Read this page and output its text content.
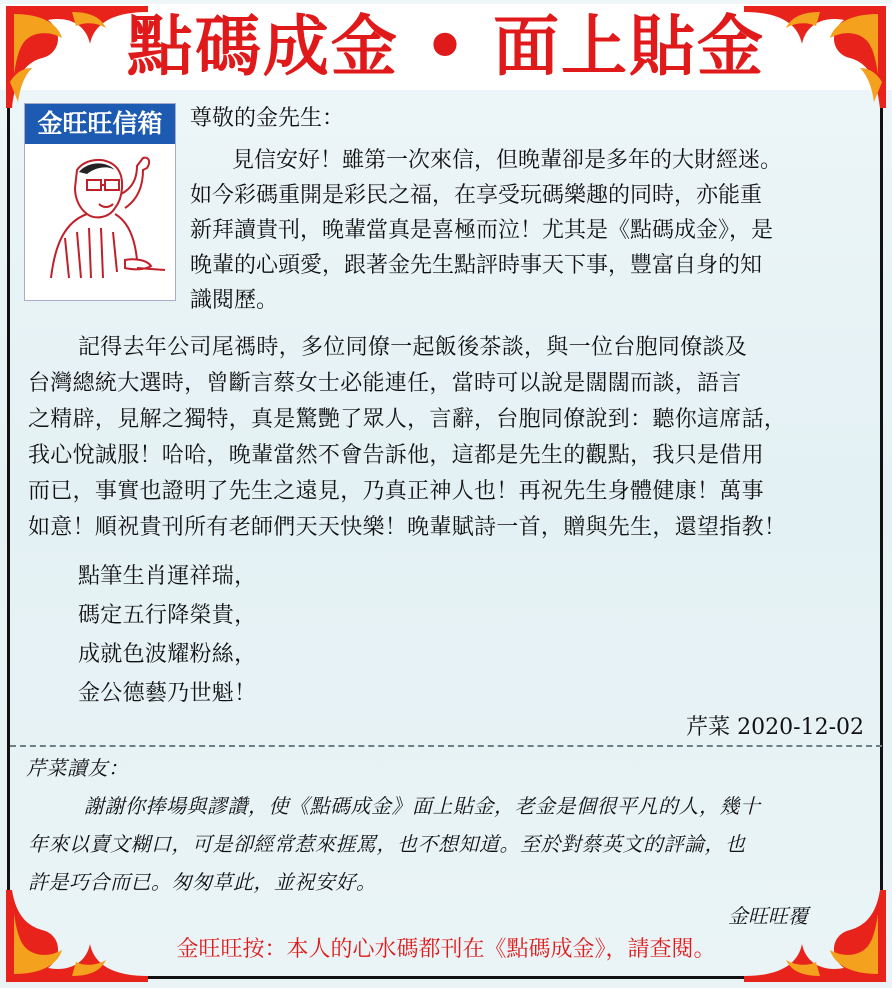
點碼成金 • 面上貼金
金旺旺信箱	尊敬的金先生：
見信安好！雖第一次來信，但晚輩卻是多年的大財經迷。
如今彩碼重開是彩民之福，在享受玩碼樂趣的同時，亦能重
新拜讀貴刊，晚輩當真是喜極而泣！尤其是《點碼成金》，是
晚輩的心頭愛，跟著金先生點評時事天下事，豐富自身的知
識閱歷。
記得去年公司尾禡時，多位同僚一起飯後茶談，與一位台胞同僚談及
台灣總統大選時，曾斷言蔡女士必能連任，當時可以說是闊闊而談，語言
之精辟，見解之獨特，真是驚艷了眾人，言辭，台胞同僚說到：聽你這席話，
我心悅誠服！哈哈，晚輩當然不會告訴他，這都是先生的觀點，我只是借用
而已，事實也證明了先生之遠見，乃真正神人也！再祝先生身體健康！萬事
如意！順祝貴刊所有老師們天天快樂！晚輩賦詩一首，贈與先生，還望指教！
點筆生肖運祥瑞，
碼定五行降榮貴，
成就色波耀粉絲，
金公德藝乃世魁！
芹菜 2020-12-02
芹菜讀友：
謝謝你捧場與謬讚，使《點碼成金》面上貼金，老金是個很平凡的人，幾十
年來以賣文糊口，可是卻經常惹來捱罵，也不想知道。至於對蔡英文的評論，也
許是巧合而已。匆匆草此，並祝安好。
金旺旺覆
金旺旺按：本人的心水碼都刊在《點碼成金》，請查閱。
